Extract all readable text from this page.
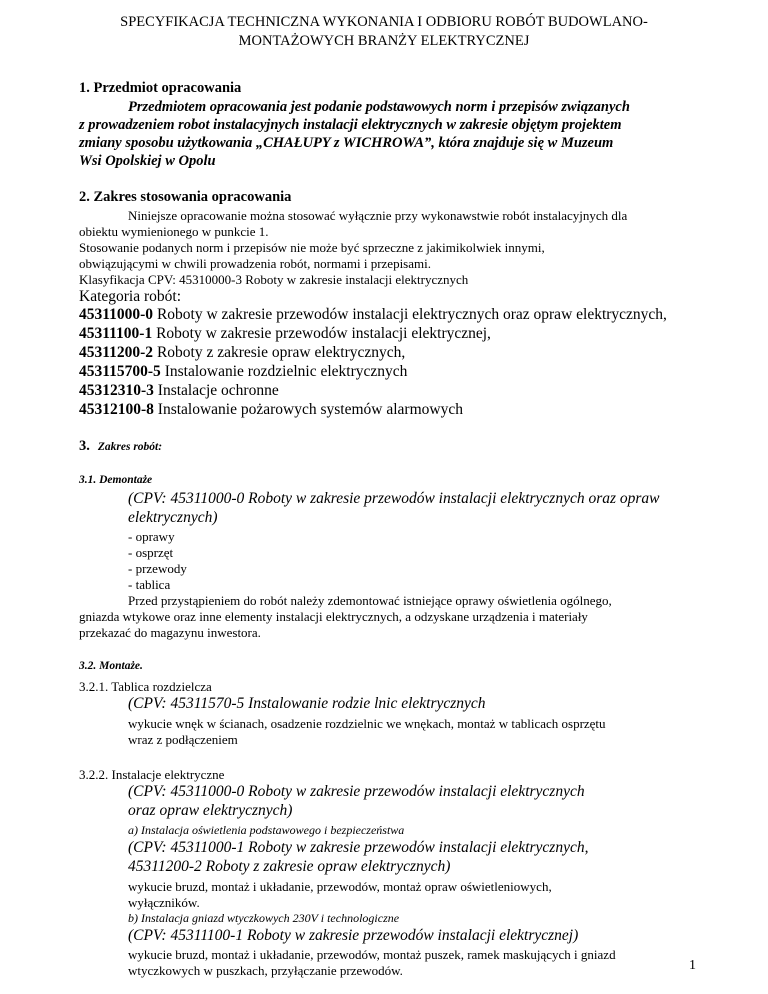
SPECYFIKACJA TECHNICZNA WYKONANIA I ODBIORU ROBÓT BUDOWLANO-
MONTAŻOWYCH BRANŻY ELEKTRYCZNEJ
1. Przedmiot opracowania
Przedmiotem opracowania jest podanie podstawowych norm i przepisów związanych
z prowadzeniem robot instalacyjnych instalacji elektrycznych w zakresie objętym projektem
zmiany sposobu użytkowania „CHAŁUPY z WICHROWA”, która znajduje się w Muzeum
Wsi Opolskiej w Opolu
2. Zakres stosowania opracowania
Niniejsze opracowanie można stosować wyłącznie przy wykonawstwie robót instalacyjnych dla
obiektu wymienionego w punkcie 1.
Stosowanie podanych norm i przepisów nie może być sprzeczne z jakimikolwiek innymi,
obwiązującymi w chwili prowadzenia robót, normami i przepisami.
Klasyfikacja CPV: 45310000-3 Roboty w zakresie instalacji elektrycznych
Kategoria robót:
45311000-0 Roboty w zakresie przewodów instalacji elektrycznych oraz opraw elektrycznych,
45311100-1 Roboty w zakresie przewodów instalacji elektrycznej,
45311200-2 Roboty z zakresie opraw elektrycznych,
453115700-5 Instalowanie rozdzielnic elektrycznych
45312310-3 Instalacje ochronne
45312100-8 Instalowanie pożarowych systemów alarmowych
3. Zakres robót:
3.1. Demontaże
(CPV: 45311000-0 Roboty w zakresie przewodów instalacji elektrycznych oraz opraw
elektrycznych)
- oprawy
- osprzęt
- przewody
- tablica
Przed przystąpieniem do robót należy zdemontować istniejące oprawy oświetlenia ogólnego,
gniazda wtykowe oraz inne elementy instalacji elektrycznych, a odzyskane urządzenia i materiały
przekazać do magazynu inwestora.
3.2. Montaże.
3.2.1. Tablica rozdzielcza
(CPV: 45311570-5 Instalowanie rodzie lnic elektrycznych
wykucie wnęk w ścianach, osadzenie rozdzielnic we wnękach, montaż w tablicach osprzętu
wraz z podłączeniem
3.2.2. Instalacje elektryczne
(CPV: 45311000-0 Roboty w zakresie przewodów instalacji elektrycznych
oraz opraw elektrycznych)
a) Instalacja oświetlenia podstawowego i bezpieczeństwa
(CPV: 45311000-1 Roboty w zakresie przewodów instalacji elektrycznych,
45311200-2 Roboty z zakresie opraw elektrycznych)
wykucie bruzd, montaż i układanie, przewodów, montaż opraw oświetleniowych,
wyłączników.
b) Instalacja gniazd wtyczkowych 230V i technologiczne
(CPV: 45311100-1 Roboty w zakresie przewodów instalacji elektrycznej)
wykucie bruzd, montaż i układanie, przewodów, montaż puszek, ramek maskujących i gniazd
wtyczkowych w puszkach, przyłączanie przewodów.	1
